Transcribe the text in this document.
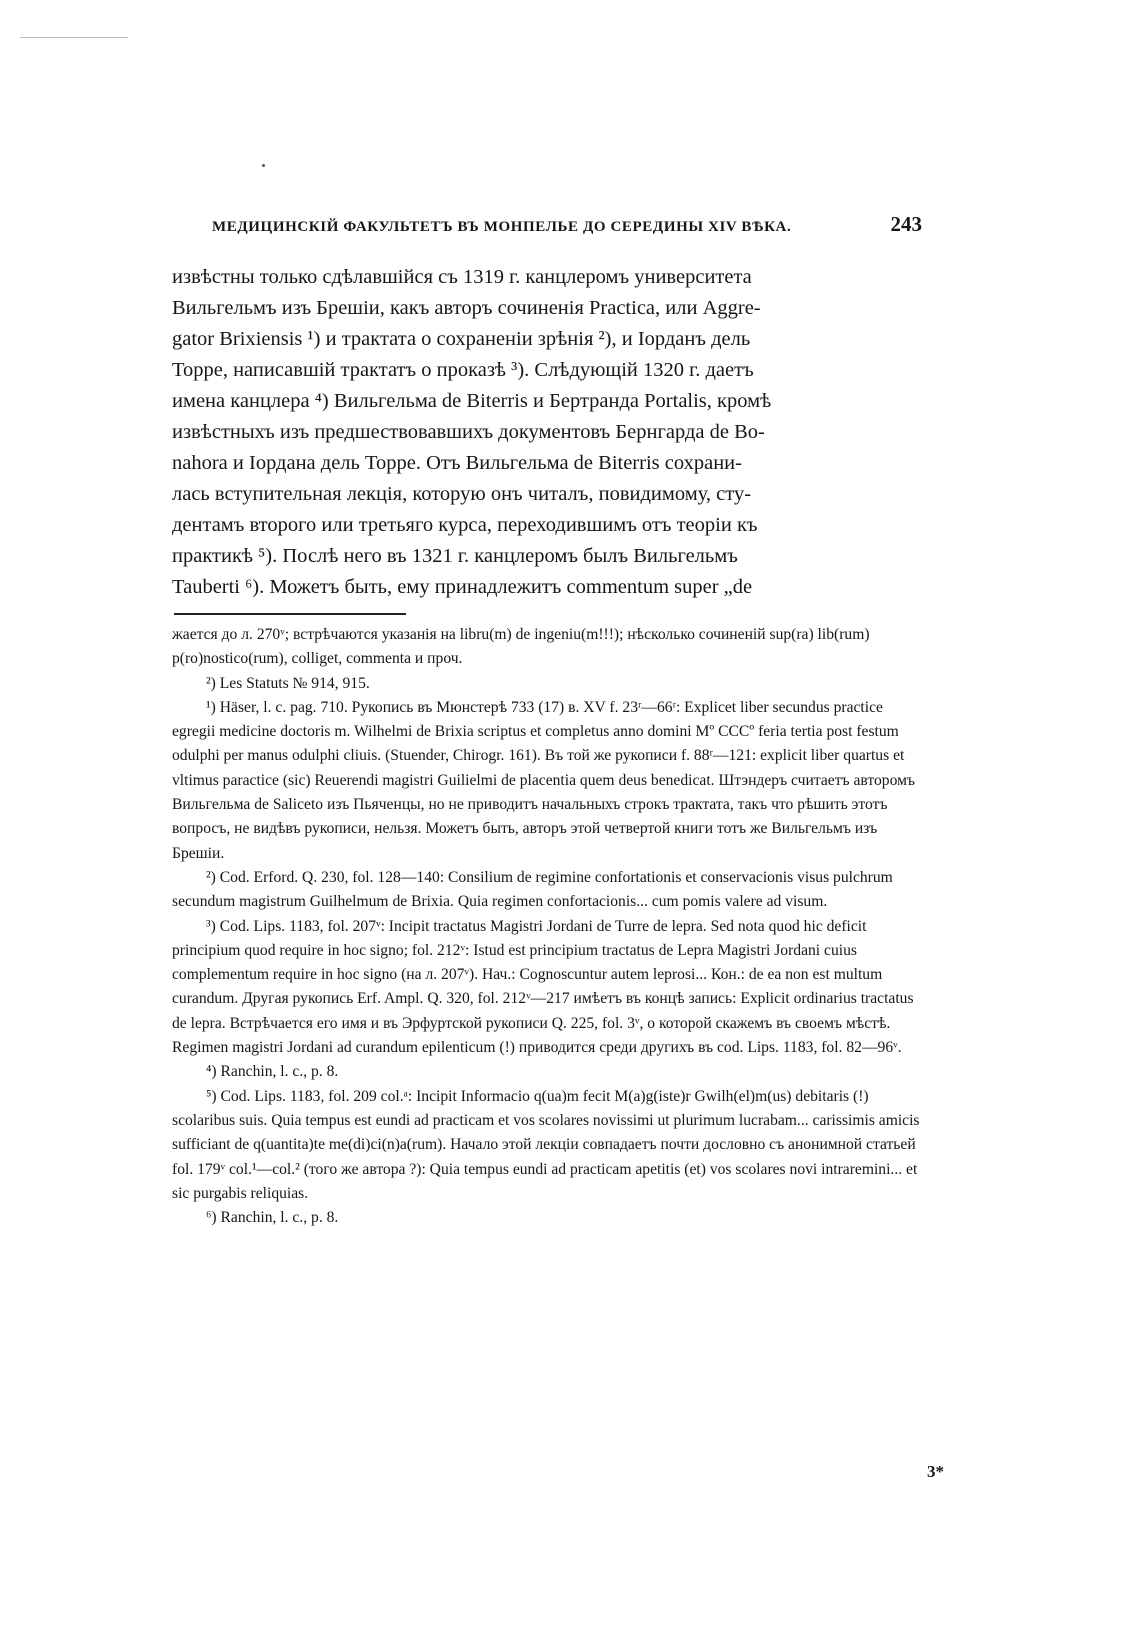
МЕДИЦИНСКІЙ ФАКУЛЬТЕТЪ ВЪ МОНПЕЛЬЕ ДО СЕРЕДИНЫ XIV ВѢКА.	243
извѣстны только сдѣлавшійся съ 1319 г. канцлеромъ университета
Вильгельмъ изъ Брешіи, какъ авторъ сочиненія Practica, или Aggre-
gator Brixiensis ¹) и трактата о сохраненіи зрѣнія ²), и Іорданъ дель
Торре, написавшій трактатъ о проказѣ ³). Слѣдующій 1320 г. даетъ
имена канцлера ⁴) Вильгельма de Biterris и Бертранда Portalis, кромѣ
извѣстныхъ изъ предшествовавшихъ документовъ Бернгарда de Bo-
nahora и Іордана дель Торре. Отъ Вильгельма de Biterris сохрани-
лась вступительная лекція, которую онъ читалъ, повидимому, сту-
дентамъ второго или третьяго курса, переходившимъ отъ теоріи къ
практикѣ ⁵). Послѣ него въ 1321 г. канцлеромъ былъ Вильгельмъ
Tauberti ⁶). Можетъ быть, ему принадлежитъ commentum super „de

жается до л. 270ᵛ; встрѣчаются указанія на libru(m) de ingeniu(m!!!); нѣсколько сочиненій sup(ra) lib(rum) p(ro)nostico(rum), colliget, commenta и проч.

²) Les Statuts № 914, 915.

¹) Häser, l. c. pag. 710. Рукопись въ Мюнстерѣ 733 (17) в. XV f. 23ʳ—66ʳ: Explicet liber secundus practice egregii medicine doctoris m. Wilhelmi de Brixia scriptus et completus anno domini Mº CCCº feria tertia post festum odulphi per manus odulphi cliuis. (Stuender, Chirogr. 161). Въ той же рукописи f. 88ʳ—121: explicit liber quartus et vltimus paractice (sic) Reuerendi magistri Guilielmi de placentia quem deus benedicat. Штэндеръ считаетъ авторомъ Вильгельма de Saliceto изъ Пьяченцы, но не приводитъ начальныхъ строкъ трактата, такъ что рѣшить этотъ вопросъ, не видѣвъ рукописи, нельзя. Можетъ быть, авторъ этой четвертой книги тотъ же Вильгельмъ изъ Брешіи.

²) Cod. Erford. Q. 230, fol. 128—140: Consilium de regimine confortationis et conservacionis visus pulchrum secundum magistrum Guilhelmum de Brixia. Quia regimen confortacionis... cum pomis valere ad visum.

³) Cod. Lips. 1183, fol. 207ᵛ: Incipit tractatus Magistri Jordani de Turre de lepra. Sed nota quod hic deficit principium quod require in hoc signo; fol. 212ᵛ: Istud est principium tractatus de Lepra Magistri Jordani cuius complementum require in hoc signo (на л. 207ᵛ). Нач.: Cognoscuntur autem leprosi... Кон.: de ea non est multum curandum. Другая рукопись Erf. Ampl. Q. 320, fol. 212ᵛ—217 имѣетъ въ концѣ запись: Explicit ordinarius tractatus de lepra. Встрѣчается его имя и въ Эрфуртской рукописи Q. 225, fol. 3ᵛ, о которой скажемъ въ своемъ мѣстѣ. Regimen magistri Jordani ad curandum epilenticum (!) приводится среди другихъ въ cod. Lips. 1183, fol. 82—96ᵛ.

⁴) Ranchin, l. c., p. 8.

⁵) Cod. Lips. 1183, fol. 209 col.ᵃ: Incipit Informacio q(ua)m fecit M(a)g(iste)r Gwilh(el)m(us) debitaris (!) scolaribus suis. Quia tempus est eundi ad practicam et vos scolares novissimi ut plurimum lucrabam... carissimis amicis sufficiant de q(uantita)te me(di)ci(n)a(rum). Начало этой лекціи совпадаетъ почти дословно съ анонимной статьей fol. 179ᵛ col.¹—col.² (того же автора ?): Quia tempus eundi ad practicam apetitis (et) vos scolares novi intraremini... et sic purgabis reliquias.

⁶) Ranchin, l. c., p. 8.

3*
